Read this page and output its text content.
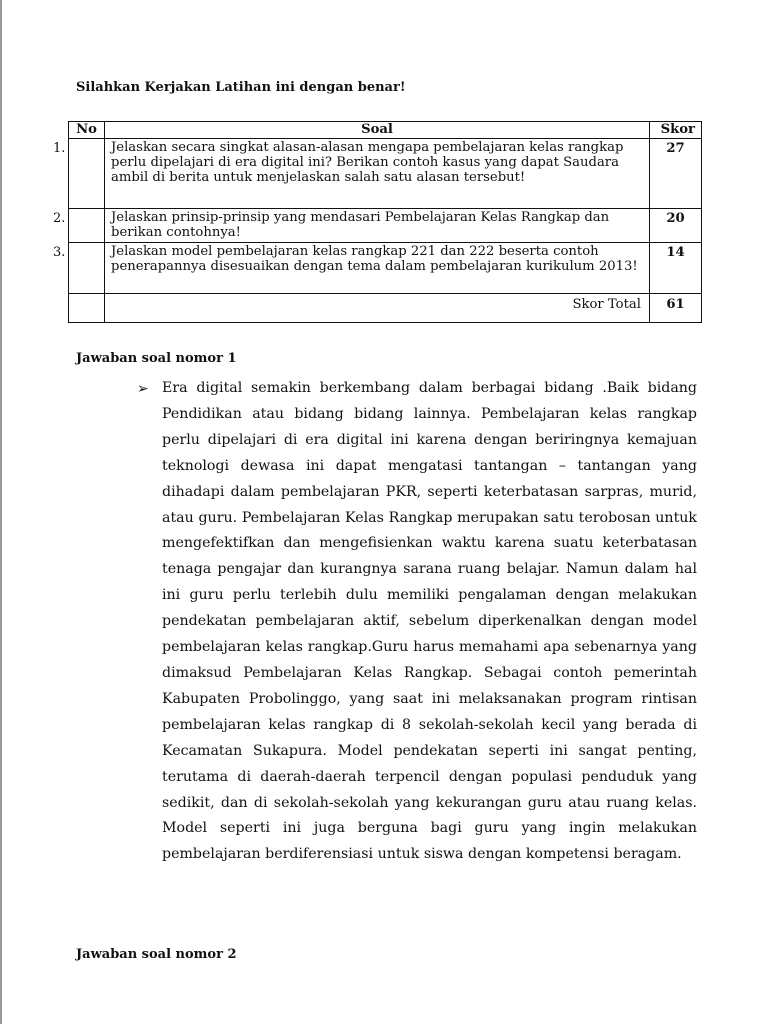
Silahkan Kerjakan Latihan ini dengan benar!

No	Soal	Skor

1.	Jelaskan secara singkat alasan-alasan mengapa pembelajaran kelas rangkap perlu dipelajari di era digital ini? Berikan contoh kasus yang dapat Saudara ambil di berita untuk menjelaskan salah satu alasan tersebut!	27

2.	Jelaskan prinsip-prinsip yang mendasari Pembelajaran Kelas Rangkap dan berikan contohnya!	20

3.	Jelaskan model pembelajaran kelas rangkap 221 dan 222 beserta contoh penerapannya disesuaikan dengan tema dalam pembelajaran kurikulum 2013!	14
	Skor Total	61

Jawaban soal nomor 1

➢ Era digital semakin berkembang dalam berbagai bidang .Baik bidang Pendidikan atau bidang bidang lainnya. Pembelajaran kelas rangkap perlu dipelajari di era digital ini karena dengan beriringnya kemajuan teknologi dewasa ini dapat mengatasi tantangan – tantangan yang dihadapi dalam pembelajaran PKR, seperti keterbatasan sarpras, murid, atau guru. Pembelajaran Kelas Rangkap merupakan satu terobosan untuk mengefektifkan dan mengefisienkan waktu karena suatu keterbatasan tenaga pengajar dan kurangnya sarana ruang belajar. Namun dalam hal ini guru perlu terlebih dulu memiliki pengalaman dengan melakukan pendekatan pembelajaran aktif, sebelum diperkenalkan dengan model pembelajaran kelas rangkap.Guru harus memahami apa sebenarnya yang dimaksud Pembelajaran Kelas Rangkap. Sebagai contoh pemerintah Kabupaten Probolinggo, yang saat ini melaksanakan program rintisan pembelajaran kelas rangkap di 8 sekolah-sekolah kecil yang berada di Kecamatan Sukapura. Model pendekatan seperti ini sangat penting, terutama di daerah-daerah terpencil dengan populasi penduduk yang sedikit, dan di sekolah-sekolah yang kekurangan guru atau ruang kelas. Model seperti ini juga berguna bagi guru yang ingin melakukan pembelajaran berdiferensiasi untuk siswa dengan kompetensi beragam.

Jawaban soal nomor 2
